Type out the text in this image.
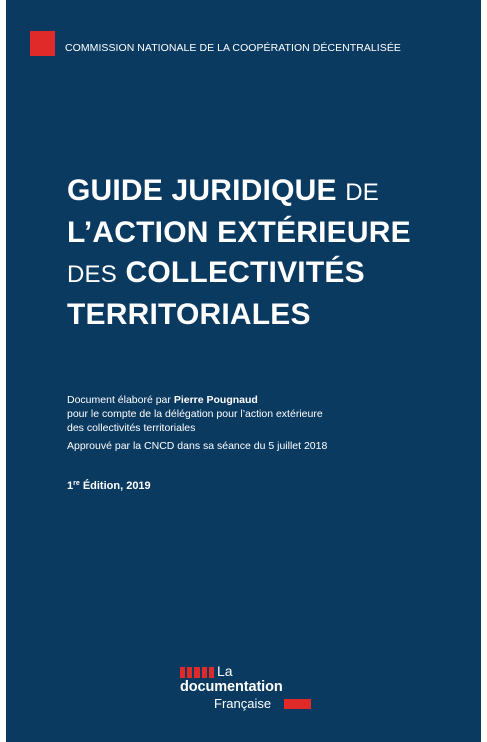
COMMISSION NATIONALE DE LA COOPÉRATION DÉCENTRALISÉE
GUIDE JURIDIQUE DE
L’ACTION EXTÉRIEURE
DES COLLECTIVITÉS
TERRITORIALES
Document élaboré par Pierre Pougnaud
pour le compte de la délégation pour l’action extérieure
des collectivités territoriales
Approuvé par la CNCD dans sa séance du 5 juillet 2018
1re Édition, 2019
La
documentation
Française
